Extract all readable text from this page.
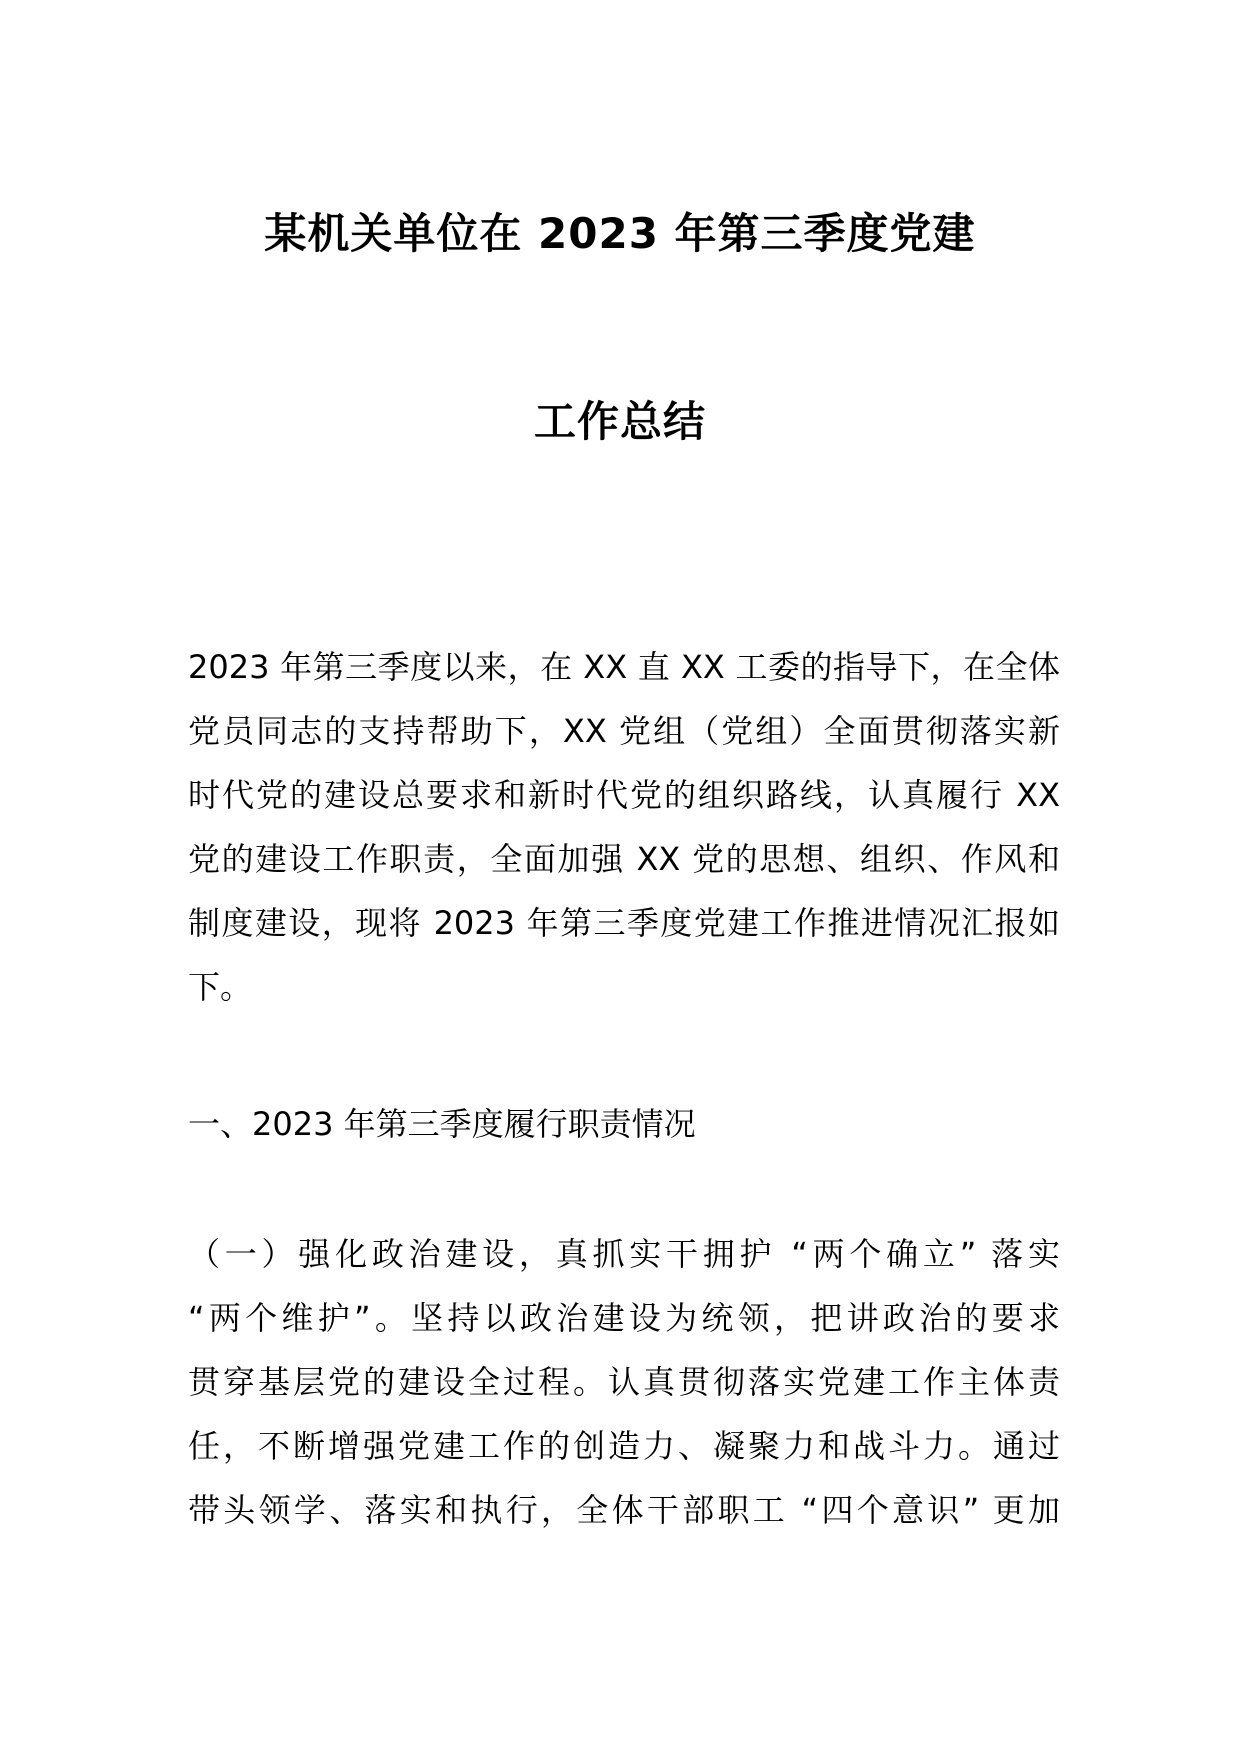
某机关单位在 2023 年第三季度党建
工作总结
2023 年第三季度以来，在 XX 直 XX 工委的指导下，在全体
党员同志的支持帮助下，XX 党组（党组）全面贯彻落实新
时代党的建设总要求和新时代党的组织路线，认真履行 XX
党的建设工作职责，全面加强 XX 党的思想、组织、作风和
制度建设，现将 2023 年第三季度党建工作推进情况汇报如
下。
一、2023 年第三季度履行职责情况
（一）强化政治建设，真抓实干拥护 “两个确立” 落实
“两个维护”。坚持以政治建设为统领，把讲政治的要求
贯穿基层党的建设全过程。认真贯彻落实党建工作主体责
任，不断增强党建工作的创造力、凝聚力和战斗力。通过
带头领学、落实和执行，全体干部职工 “四个意识” 更加
